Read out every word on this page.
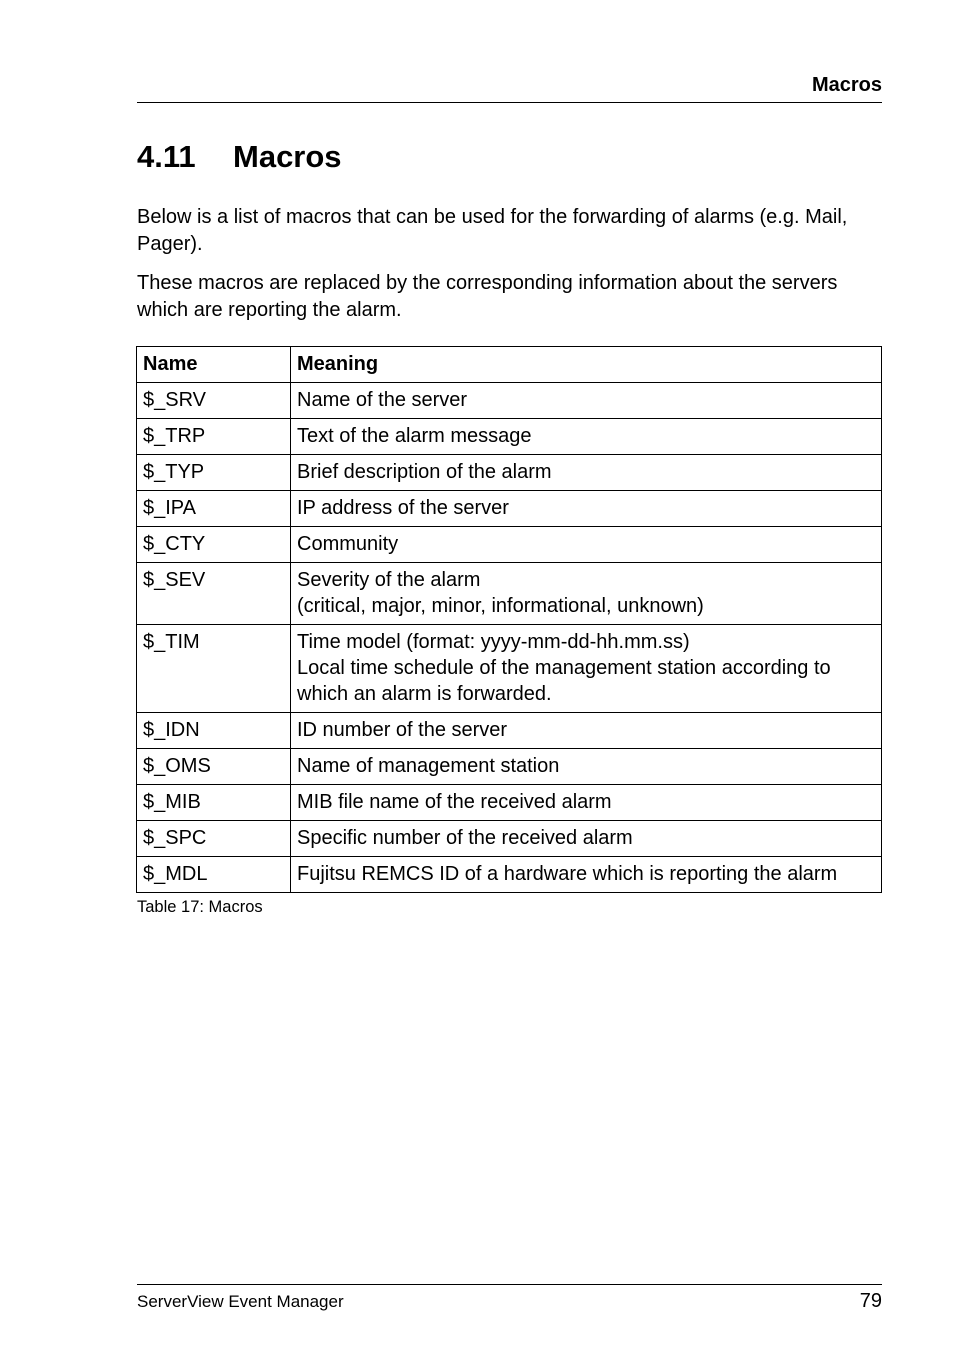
Macros
4.11 Macros

Below is a list of macros that can be used for the forwarding of alarms (e.g. Mail, Pager).

These macros are replaced by the corresponding information about the servers which are reporting the alarm.

Name	Meaning
$_SRV	Name of the server
$_TRP	Text of the alarm message
$_TYP	Brief description of the alarm
$_IPA	IP address of the server
$_CTY	Community
$_SEV	Severity of the alarm
(critical, major, minor, informational, unknown)
$_TIM	Time model (format: yyyy-mm-dd-hh.mm.ss)
Local time schedule of the management station according to which an alarm is forwarded.
$_IDN	ID number of the server
$_OMS	Name of management station
$_MIB	MIB file name of the received alarm
$_SPC	Specific number of the received alarm
$_MDL	Fujitsu REMCS ID of a hardware which is reporting the alarm
Table 17: Macros
ServerView Event Manager	79
